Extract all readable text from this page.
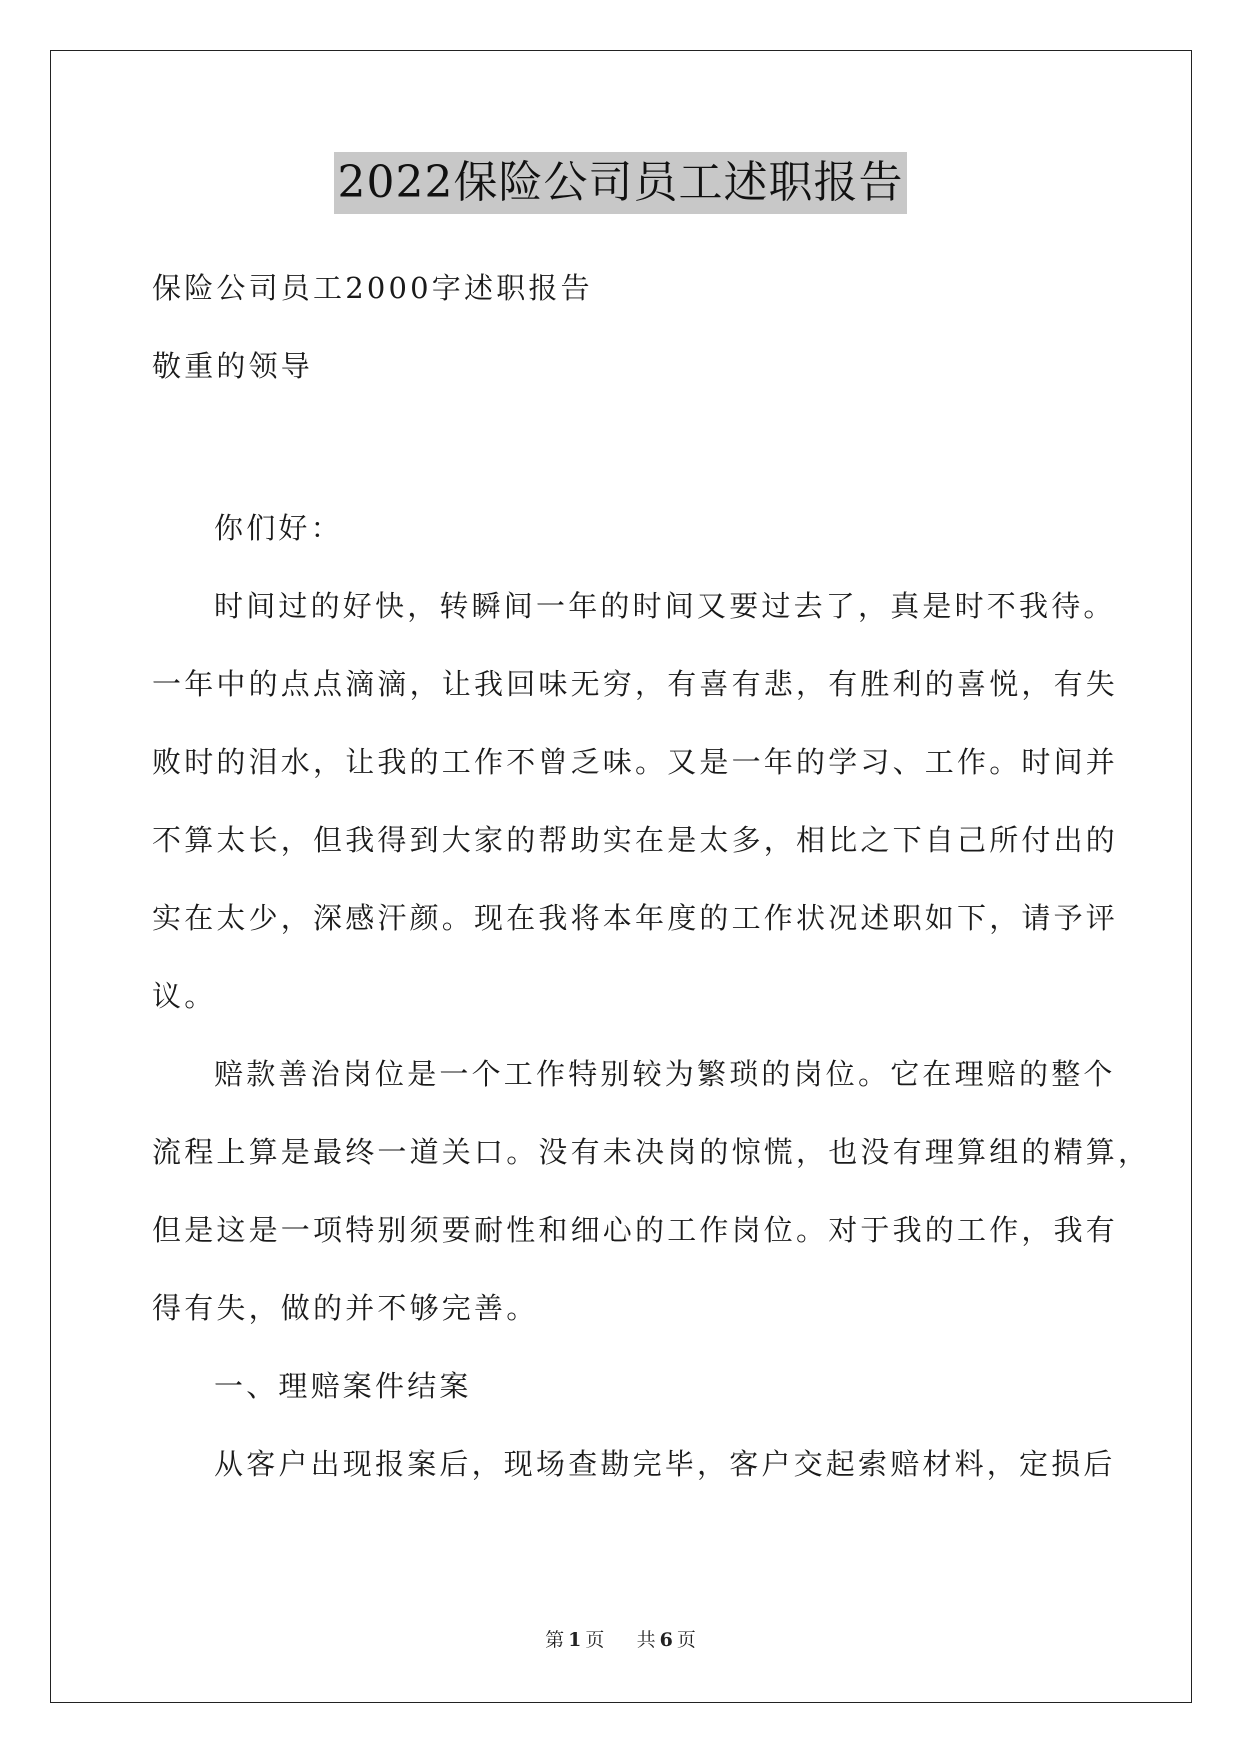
2022保险公司员工述职报告
保险公司员工2000字述职报告
敬重的领导
你们好：
时间过的好快，转瞬间一年的时间又要过去了，真是时不我待。
一年中的点点滴滴，让我回味无穷，有喜有悲，有胜利的喜悦，有失
败时的泪水，让我的工作不曾乏味。又是一年的学习、工作。时间并
不算太长，但我得到大家的帮助实在是太多，相比之下自己所付出的
实在太少，深感汗颜。现在我将本年度的工作状况述职如下，请予评
议。
赔款善治岗位是一个工作特别较为繁琐的岗位。它在理赔的整个
流程上算是最终一道关口。没有未决岗的惊慌，也没有理算组的精算，
但是这是一项特别须要耐性和细心的工作岗位。对于我的工作，我有
得有失，做的并不够完善。
一、理赔案件结案
从客户出现报案后，现场查勘完毕，客户交起索赔材料，定损后
第 1 页 共 6 页
